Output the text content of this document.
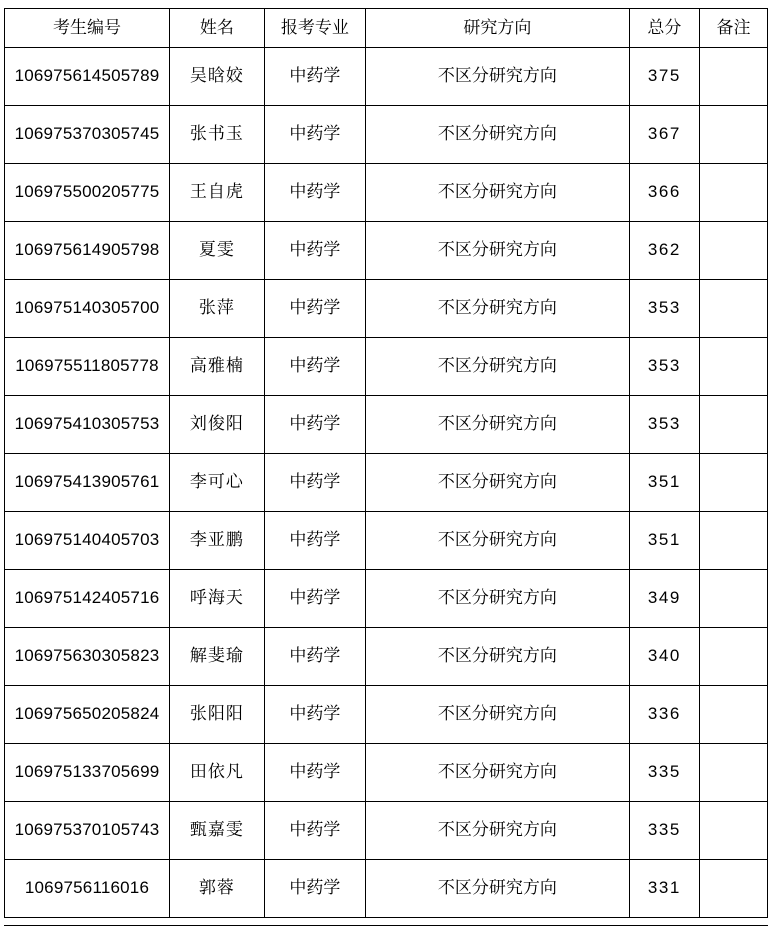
考生编号	姓名	报考专业	研究方向	总分	备注
106975614505789	吴晗姣	中药学	不区分研究方向	375	
106975370305745	张书玉	中药学	不区分研究方向	367	
106975500205775	王自虎	中药学	不区分研究方向	366	
106975614905798	夏雯	中药学	不区分研究方向	362	
106975140305700	张萍	中药学	不区分研究方向	353	
106975511805778	高雅楠	中药学	不区分研究方向	353	
106975410305753	刘俊阳	中药学	不区分研究方向	353	
106975413905761	李可心	中药学	不区分研究方向	351	
106975140405703	李亚鹏	中药学	不区分研究方向	351	
106975142405716	呼海天	中药学	不区分研究方向	349	
106975630305823	解斐瑜	中药学	不区分研究方向	340	
106975650205824	张阳阳	中药学	不区分研究方向	336	
106975133705699	田依凡	中药学	不区分研究方向	335	
106975370105743	甄嘉雯	中药学	不区分研究方向	335	
1069756116016	郭蓉	中药学	不区分研究方向	331	
